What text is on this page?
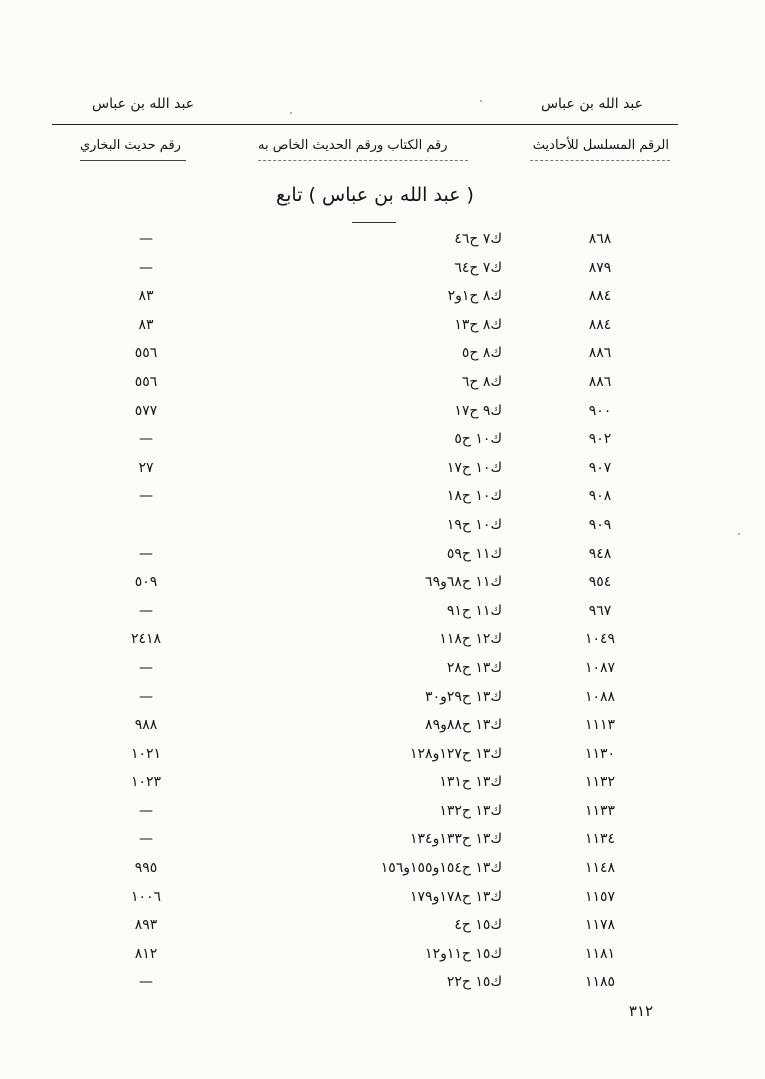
عبد الله بن عباس
عبد الله بن عباس
الرقم المسلسل للأحاديث
رقم الكتاب ورقم الحديث الخاص به
رقم حديث البخاري
( عبد الله بن عباس ) تابع
٨٦٨
ك٧ ح٤٦
—
٨٧٩
ك٧ ح٦٤
—
٨٨٤
ك٨ ح١و٢
٨٣
٨٨٤
ك٨ ح١٣
٨٣
٨٨٦
ك٨ ح٥
٥٥٦
٨٨٦
ك٨ ح٦
٥٥٦
٩٠٠
ك٩ ح١٧
٥٧٧
٩٠٢
ك١٠ ح٥
—
٩٠٧
ك١٠ ح١٧
٢٧
٩٠٨
ك١٠ ح١٨
—
٩٠٩
ك١٠ ح١٩
٩٤٨
ك١١ ح٥٩
—
٩٥٤
ك١١ ح٦٨و٦٩
٥٠٩
٩٦٧
ك١١ ح٩١
—
١٠٤٩
ك١٢ ح١١٨
٢٤١٨
١٠٨٧
ك١٣ ح٢٨
—
١٠٨٨
ك١٣ ح٢٩و٣٠
—
١١١٣
ك١٣ ح٨٨و٨٩
٩٨٨
١١٣٠
ك١٣ ح١٢٧و١٢٨
١٠٢١
١١٣٢
ك١٣ ح١٣١
١٠٢٣
١١٣٣
ك١٣ ح١٣٢
—
١١٣٤
ك١٣ ح١٣٣و١٣٤
—
١١٤٨
ك١٣ ح١٥٤و١٥٥و١٥٦
٩٩٥
١١٥٧
ك١٣ ح١٧٨و١٧٩
١٠٠٦
١١٧٨
ك١٥ ح٤
٨٩٣
١١٨١
ك١٥ ح١١و١٢
٨١٢
١١٨٥
ك١٥ ح٢٢
—
٣١٢
